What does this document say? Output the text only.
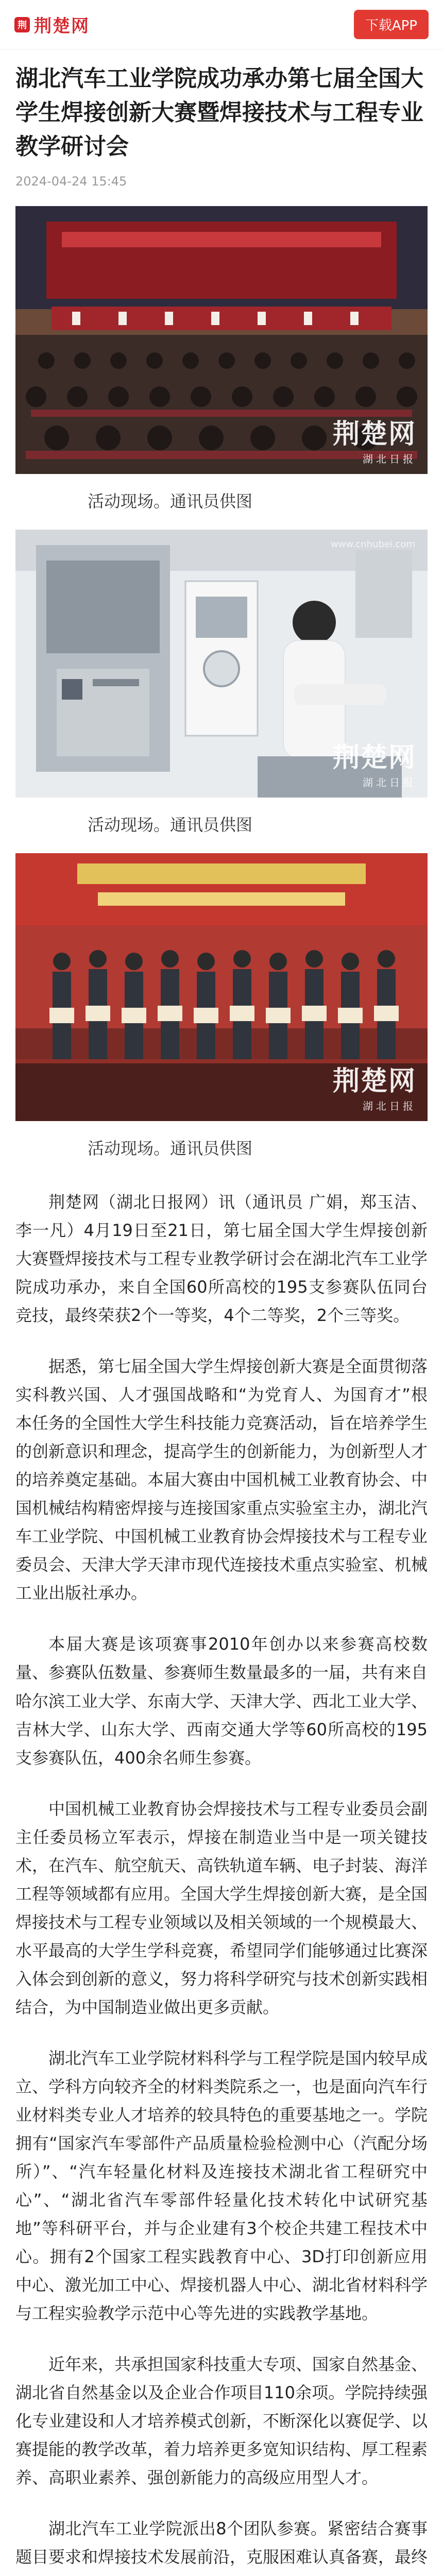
荆 荆楚网	下载APP
湖北汽车工业学院成功承办第七届全国大学生焊接创新大赛暨焊接技术与工程专业教学研讨会
2024-04-24 15:45
荆楚网
湖北日报
活动现场。通讯员供图
www.cnhubei.com
荆楚网
湖北日报
活动现场。通讯员供图
荆楚网
湖北日报
活动现场。通讯员供图

荆楚网（湖北日报网）讯（通讯员 广娟，郑玉洁、李一凡）4月19日至21日，第七届全国大学生焊接创新大赛暨焊接技术与工程专业教学研讨会在湖北汽车工业学院成功承办，来自全国60所高校的195支参赛队伍同台竞技，最终荣获2个一等奖，4个二等奖，2个三等奖。

据悉，第七届全国大学生焊接创新大赛是全面贯彻落实科教兴国、人才强国战略和“为党育人、为国育才”根本任务的全国性大学生科技能力竞赛活动，旨在培养学生的创新意识和理念，提高学生的创新能力，为创新型人才的培养奠定基础。本届大赛由中国机械工业教育协会、中国机械结构精密焊接与连接国家重点实验室主办，湖北汽车工业学院、中国机械工业教育协会焊接技术与工程专业委员会、天津大学天津市现代连接技术重点实验室、机械工业出版社承办。

本届大赛是该项赛事2010年创办以来参赛高校数量、参赛队伍数量、参赛师生数量最多的一届，共有来自哈尔滨工业大学、东南大学、天津大学、西北工业大学、吉林大学、山东大学、西南交通大学等60所高校的195支参赛队伍，400余名师生参赛。

中国机械工业教育协会焊接技术与工程专业委员会副主任委员杨立军表示，焊接在制造业当中是一项关键技术，在汽车、航空航天、高铁轨道车辆、电子封装、海洋工程等领域都有应用。全国大学生焊接创新大赛，是全国焊接技术与工程专业领域以及相关领域的一个规模最大、水平最高的大学生学科竞赛，希望同学们能够通过比赛深入体会到创新的意义，努力将科学研究与技术创新实践相结合，为中国制造业做出更多贡献。

湖北汽车工业学院材料科学与工程学院是国内较早成立、学科方向较齐全的材料类院系之一，也是面向汽车行业材料类专业人才培养的较具特色的重要基地之一。学院拥有“国家汽车零部件产品质量检验检测中心（汽配分场所）”、“汽车轻量化材料及连接技术湖北省工程研究中心”、“湖北省汽车零部件轻量化技术转化中试研究基地”等科研平台，并与企业建有3个校企共建工程技术中心。拥有2个国家工程实践教育中心、3D打印创新应用中心、激光加工中心、焊接机器人中心、湖北省材料科学与工程实验教学示范中心等先进的实践教学基地。

近年来，共承担国家科技重大专项、国家自然基金、湖北省自然基金以及企业合作项目110余项。学院持续强化专业建设和人才培养模式创新，不断深化以赛促学、以赛提能的教学改革，着力培养更多宽知识结构、厚工程素养、高职业素养、强创新能力的高级应用型人才。

湖北汽车工业学院派出8个团队参赛。紧密结合赛事题目要求和焊接技术发展前沿，克服困难认真备赛，最终
